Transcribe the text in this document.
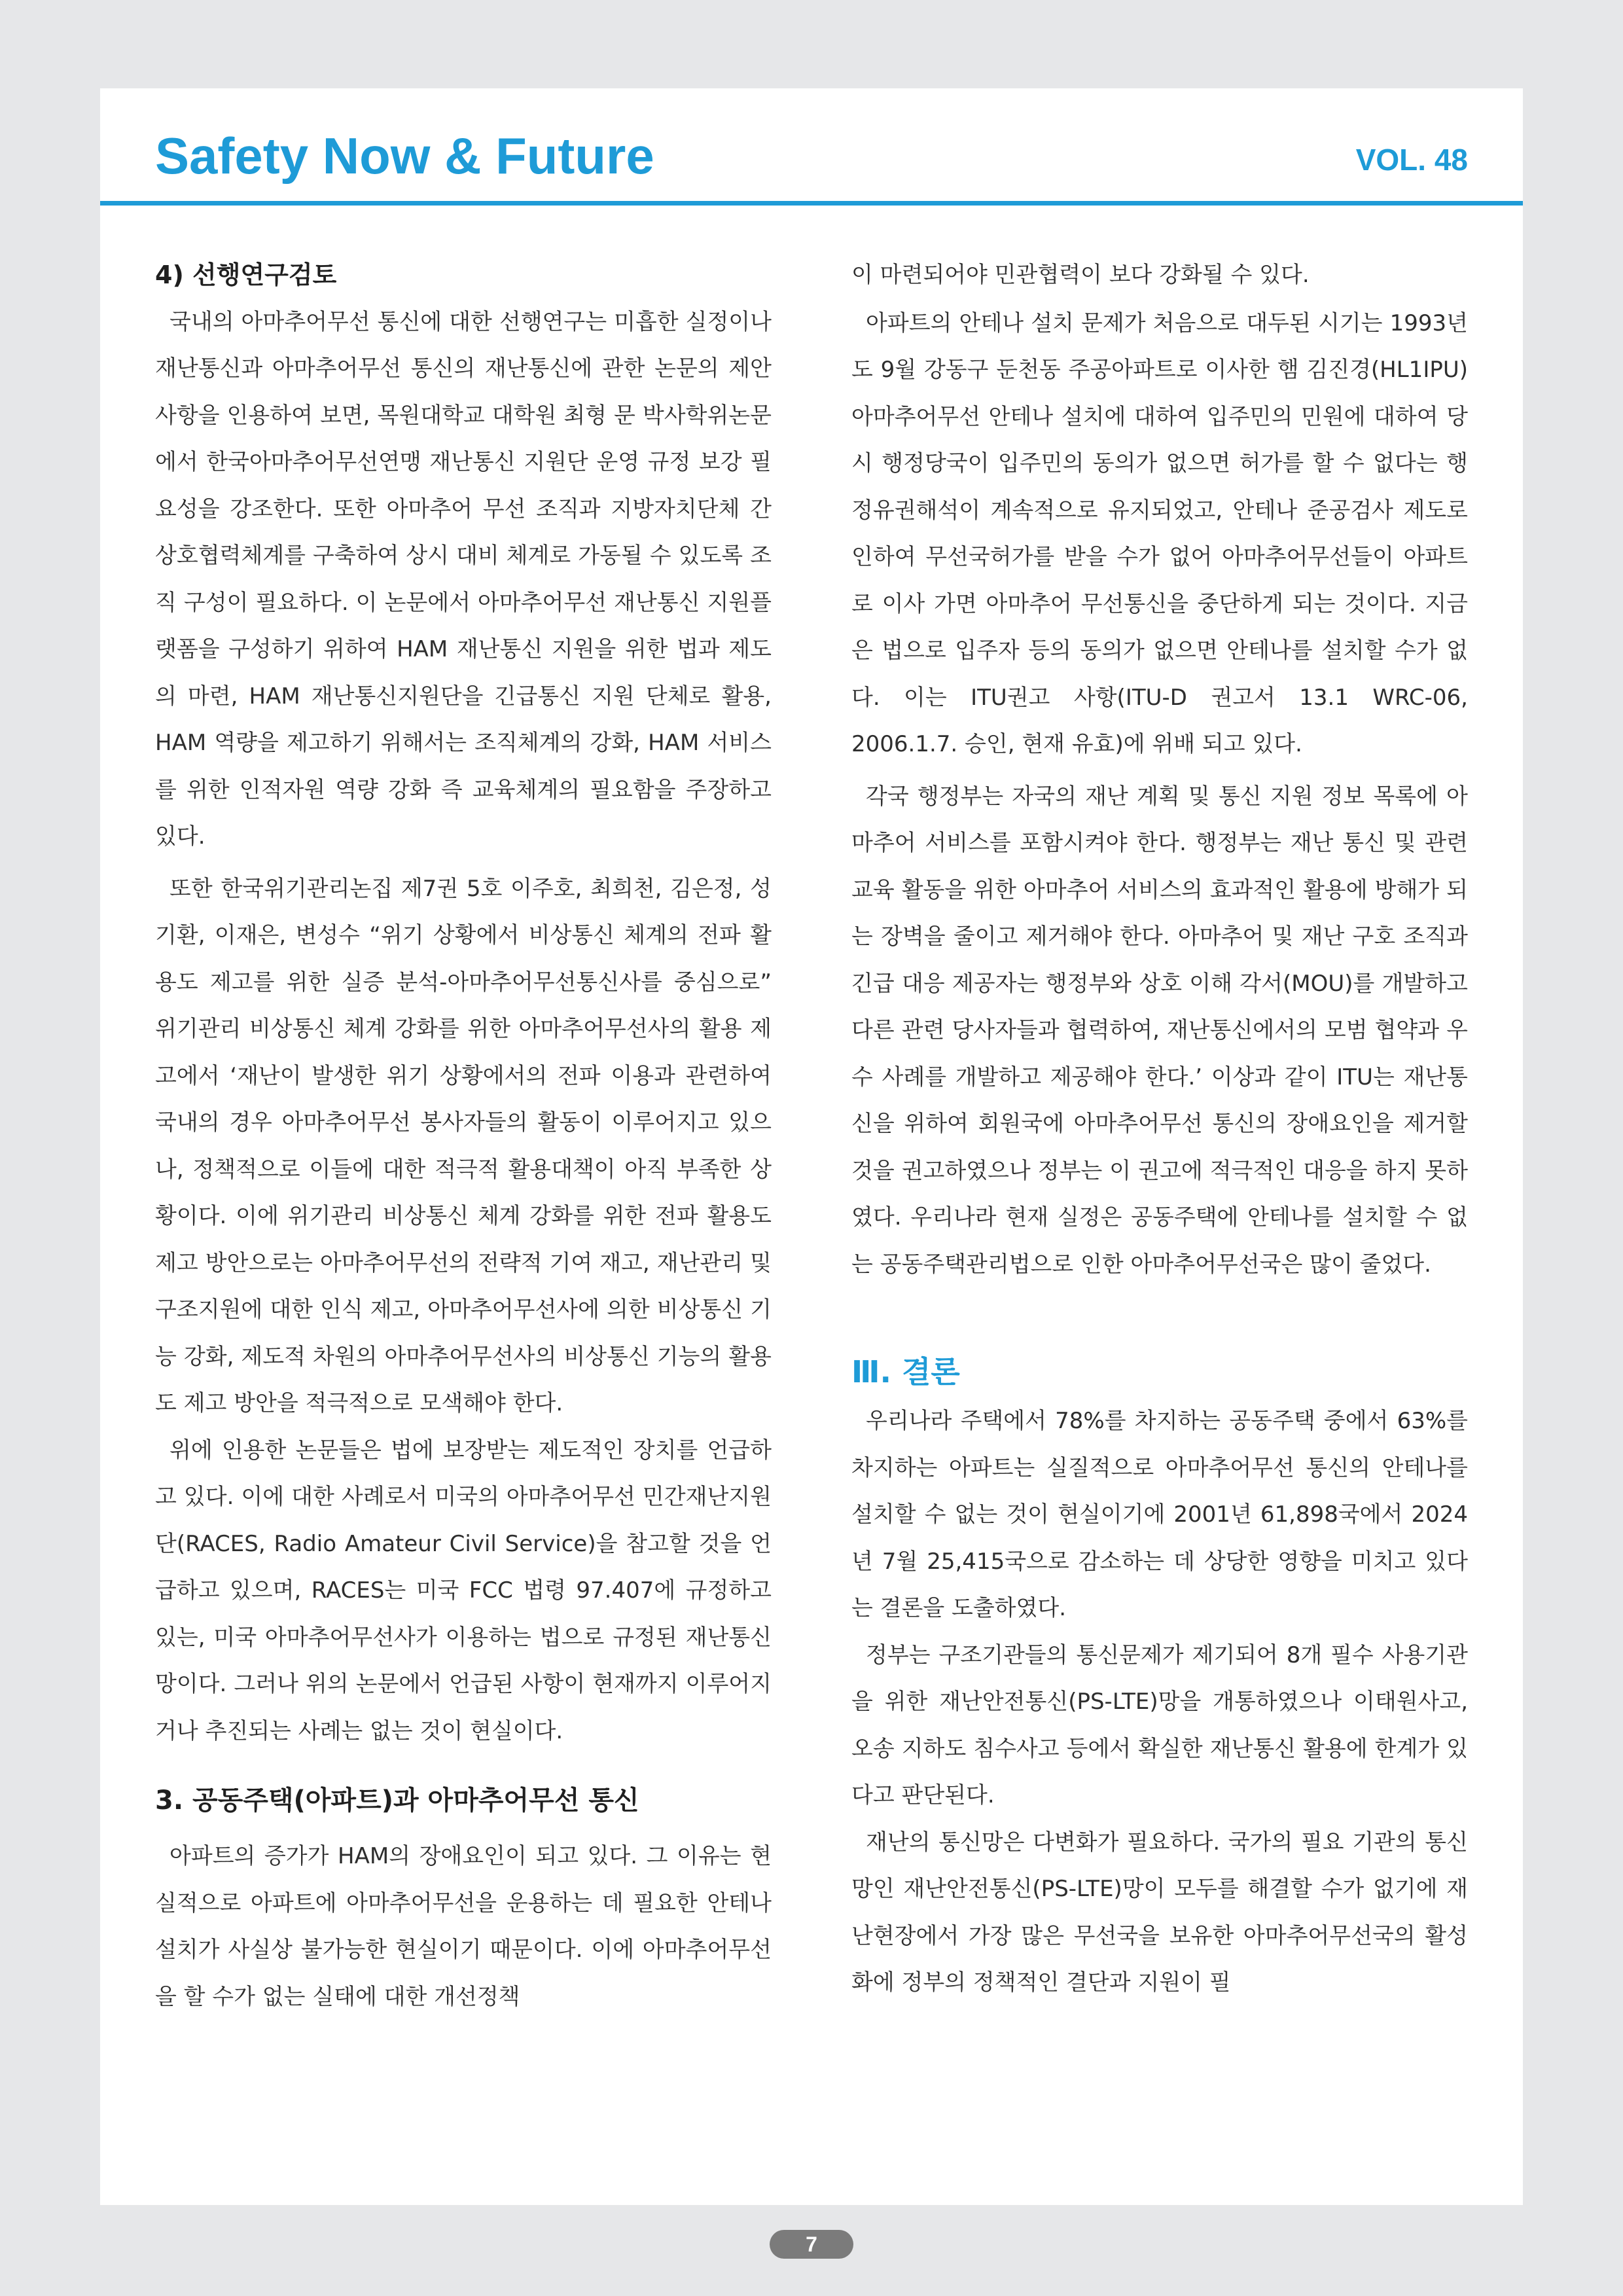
Safety Now & Future	VOL. 48
4) 선행연구검토

국내의 아마추어무선 통신에 대한 선행연구는 미흡한 실정이나 재난통신과 아마추어무선 통신의 재난통신에 관한 논문의 제안 사항을 인용하여 보면, 목원대학교 대학원 최형 문 박사학위논문에서 한국아마추어무선연맹 재난통신 지원단 운영 규정 보강 필요성을 강조한다. 또한 아마추어 무선 조직과 지방자치단체 간 상호협력체계를 구축하여 상시 대비 체계로 가동될 수 있도록 조직 구성이 필요하다. 이 논문에서 아마추어무선 재난통신 지원플랫폼을 구성하기 위하여 HAM 재난통신 지원을 위한 법과 제도의 마련, HAM 재난통신지원단을 긴급통신 지원 단체로 활용, HAM 역량을 제고하기 위해서는 조직체계의 강화, HAM 서비스를 위한 인적자원 역량 강화 즉 교육체계의 필요함을 주장하고 있다.

또한 한국위기관리논집 제7권 5호 이주호, 최희천, 김은정, 성기환, 이재은, 변성수 “위기 상황에서 비상통신 체계의 전파 활용도 제고를 위한 실증 분석-아마추어무선통신사를 중심으로” 위기관리 비상통신 체계 강화를 위한 아마추어무선사의 활용 제고에서 ‘재난이 발생한 위기 상황에서의 전파 이용과 관련하여 국내의 경우 아마추어무선 봉사자들의 활동이 이루어지고 있으나, 정책적으로 이들에 대한 적극적 활용대책이 아직 부족한 상황이다. 이에 위기관리 비상통신 체계 강화를 위한 전파 활용도 제고 방안으로는 아마추어무선의 전략적 기여 재고, 재난관리 및 구조지원에 대한 인식 제고, 아마추어무선사에 의한 비상통신 기능 강화, 제도적 차원의 아마추어무선사의 비상통신 기능의 활용도 제고 방안을 적극적으로 모색해야 한다.

위에 인용한 논문들은 법에 보장받는 제도적인 장치를 언급하고 있다. 이에 대한 사례로서 미국의 아마추어무선 민간재난지원단(RACES, Radio Amateur Civil Service)을 참고할 것을 언급하고 있으며, RACES는 미국 FCC 법령 97.407에 규정하고 있는, 미국 아마추어무선사가 이용하는 법으로 규정된 재난통신망이다. 그러나 위의 논문에서 언급된 사항이 현재까지 이루어지거나 추진되는 사례는 없는 것이 현실이다.

3. 공동주택(아파트)과 아마추어무선 통신

아파트의 증가가 HAM의 장애요인이 되고 있다. 그 이유는 현실적으로 아파트에 아마추어무선을 운용하는 데 필요한 안테나 설치가 사실상 불가능한 현실이기 때문이다. 이에 아마추어무선을 할 수가 없는 실태에 대한 개선정책

이 마련되어야 민관협력이 보다 강화될 수 있다.

아파트의 안테나 설치 문제가 처음으로 대두된 시기는 1993년도 9월 강동구 둔천동 주공아파트로 이사한 햄 김진경(HL1IPU) 아마추어무선 안테나 설치에 대하여 입주민의 민원에 대하여 당시 행정당국이 입주민의 동의가 없으면 허가를 할 수 없다는 행정유권해석이 계속적으로 유지되었고, 안테나 준공검사 제도로 인하여 무선국허가를 받을 수가 없어 아마추어무선들이 아파트로 이사 가면 아마추어 무선통신을 중단하게 되는 것이다. 지금은 법으로 입주자 등의 동의가 없으면 안테나를 설치할 수가 없다. 이는 ITU권고 사항(ITU-D 권고서 13.1 WRC-06, 2006.1.7. 승인, 현재 유효)에 위배 되고 있다.

각국 행정부는 자국의 재난 계획 및 통신 지원 정보 목록에 아마추어 서비스를 포함시켜야 한다. 행정부는 재난 통신 및 관련 교육 활동을 위한 아마추어 서비스의 효과적인 활용에 방해가 되는 장벽을 줄이고 제거해야 한다. 아마추어 및 재난 구호 조직과 긴급 대응 제공자는 행정부와 상호 이해 각서(MOU)를 개발하고 다른 관련 당사자들과 협력하여, 재난통신에서의 모범 협약과 우수 사례를 개발하고 제공해야 한다.’ 이상과 같이 ITU는 재난통신을 위하여 회원국에 아마추어무선 통신의 장애요인을 제거할 것을 권고하였으나 정부는 이 권고에 적극적인 대응을 하지 못하였다. 우리나라 현재 실정은 공동주택에 안테나를 설치할 수 없는 공동주택관리법으로 인한 아마추어무선국은 많이 줄었다.

Ⅲ. 결론

우리나라 주택에서 78%를 차지하는 공동주택 중에서 63%를 차지하는 아파트는 실질적으로 아마추어무선 통신의 안테나를 설치할 수 없는 것이 현실이기에 2001년 61,898국에서 2024년 7월 25,415국으로 감소하는 데 상당한 영향을 미치고 있다는 결론을 도출하였다.

정부는 구조기관들의 통신문제가 제기되어 8개 필수 사용기관을 위한 재난안전통신(PS-LTE)망을 개통하였으나 이태원사고, 오송 지하도 침수사고 등에서 확실한 재난통신 활용에 한계가 있다고 판단된다.

재난의 통신망은 다변화가 필요하다. 국가의 필요 기관의 통신망인 재난안전통신(PS-LTE)망이 모두를 해결할 수가 없기에 재난현장에서 가장 많은 무선국을 보유한 아마추어무선국의 활성화에 정부의 정책적인 결단과 지원이 필

7
